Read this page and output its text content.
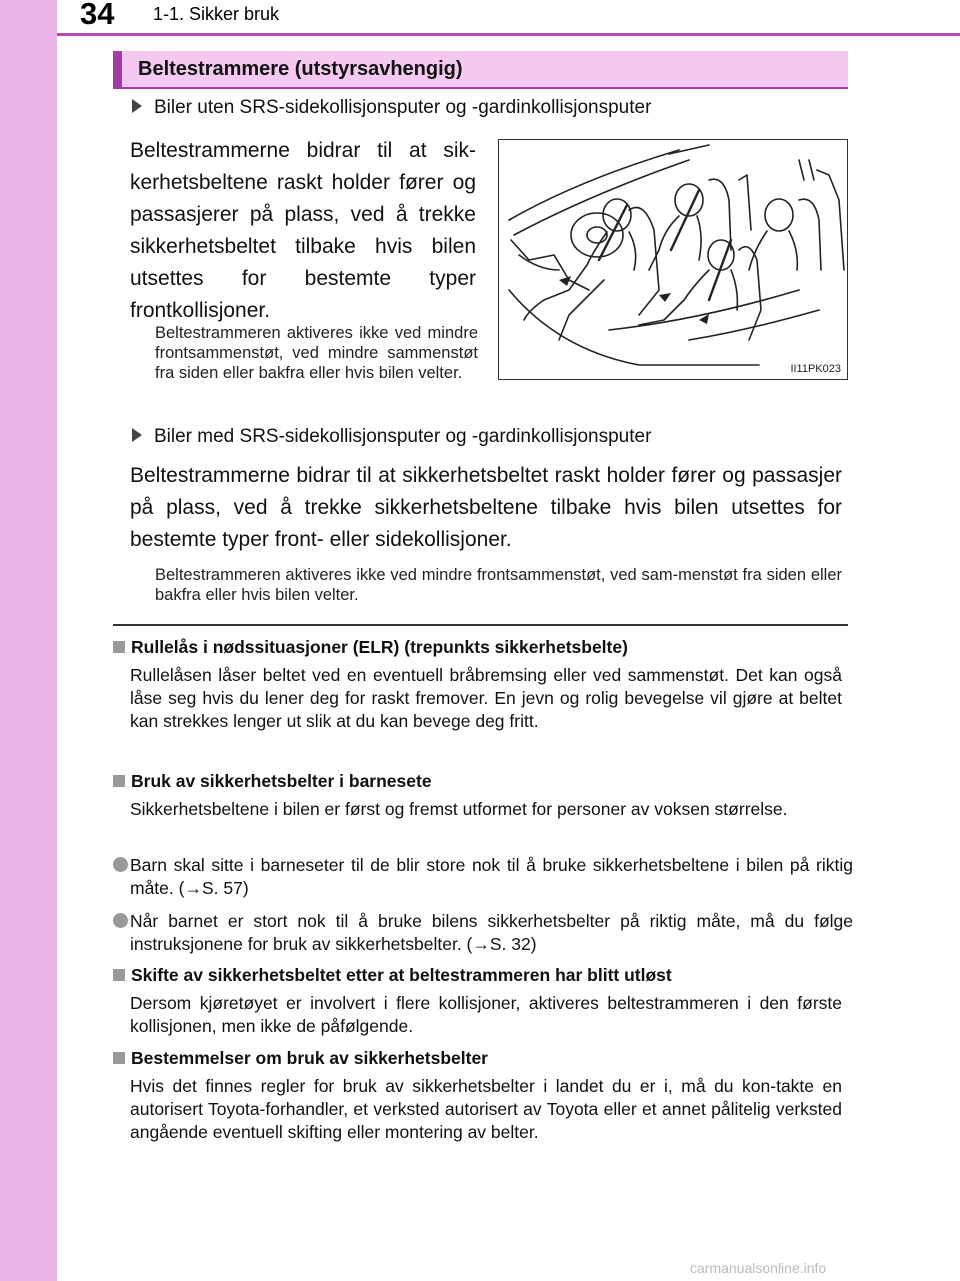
34	1-1. Sikker bruk
Beltestrammere (utstyrsavhengig)
Biler uten SRS-sidekollisjonsputer og -gardinkollisjonsputer
Beltestrammerne bidrar til at sik-kerhetsbeltene raskt holder fører og passasjerer på plass, ved å trekke sikkerhetsbeltet tilbake hvis bilen utsettes for bestemte typer frontkollisjoner.
Beltestrammeren aktiveres ikke ved mindre frontsammenstøt, ved mindre sammenstøt fra siden eller bakfra eller hvis bilen velter.	II11PK023
Biler med SRS-sidekollisjonsputer og -gardinkollisjonsputer
Beltestrammerne bidrar til at sikkerhetsbeltet raskt holder fører og passasjer på plass, ved å trekke sikkerhetsbeltene tilbake hvis bilen utsettes for bestemte typer front- eller sidekollisjoner.
Beltestrammeren aktiveres ikke ved mindre frontsammenstøt, ved sam-menstøt fra siden eller bakfra eller hvis bilen velter.
Rullelås i nødssituasjoner (ELR) (trepunkts sikkerhetsbelte)
Rullelåsen låser beltet ved en eventuell bråbremsing eller ved sammenstøt. Det kan også låse seg hvis du lener deg for raskt fremover. En jevn og rolig bevegelse vil gjøre at beltet kan strekkes lenger ut slik at du kan bevege deg fritt.
Bruk av sikkerhetsbelter i barnesete
Sikkerhetsbeltene i bilen er først og fremst utformet for personer av voksen størrelse.
Barn skal sitte i barneseter til de blir store nok til å bruke sikkerhetsbeltene i bilen på riktig måte. (→S. 57)
Når barnet er stort nok til å bruke bilens sikkerhetsbelter på riktig måte, må du følge instruksjonene for bruk av sikkerhetsbelter. (→S. 32)
Skifte av sikkerhetsbeltet etter at beltestrammeren har blitt utløst
Dersom kjøretøyet er involvert i flere kollisjoner, aktiveres beltestrammeren i den første kollisjonen, men ikke de påfølgende.
Bestemmelser om bruk av sikkerhetsbelter
Hvis det finnes regler for bruk av sikkerhetsbelter i landet du er i, må du kon-takte en autorisert Toyota-forhandler, et verksted autorisert av Toyota eller et annet pålitelig verksted angående eventuell skifting eller montering av belter.
carmanualsonline.info
